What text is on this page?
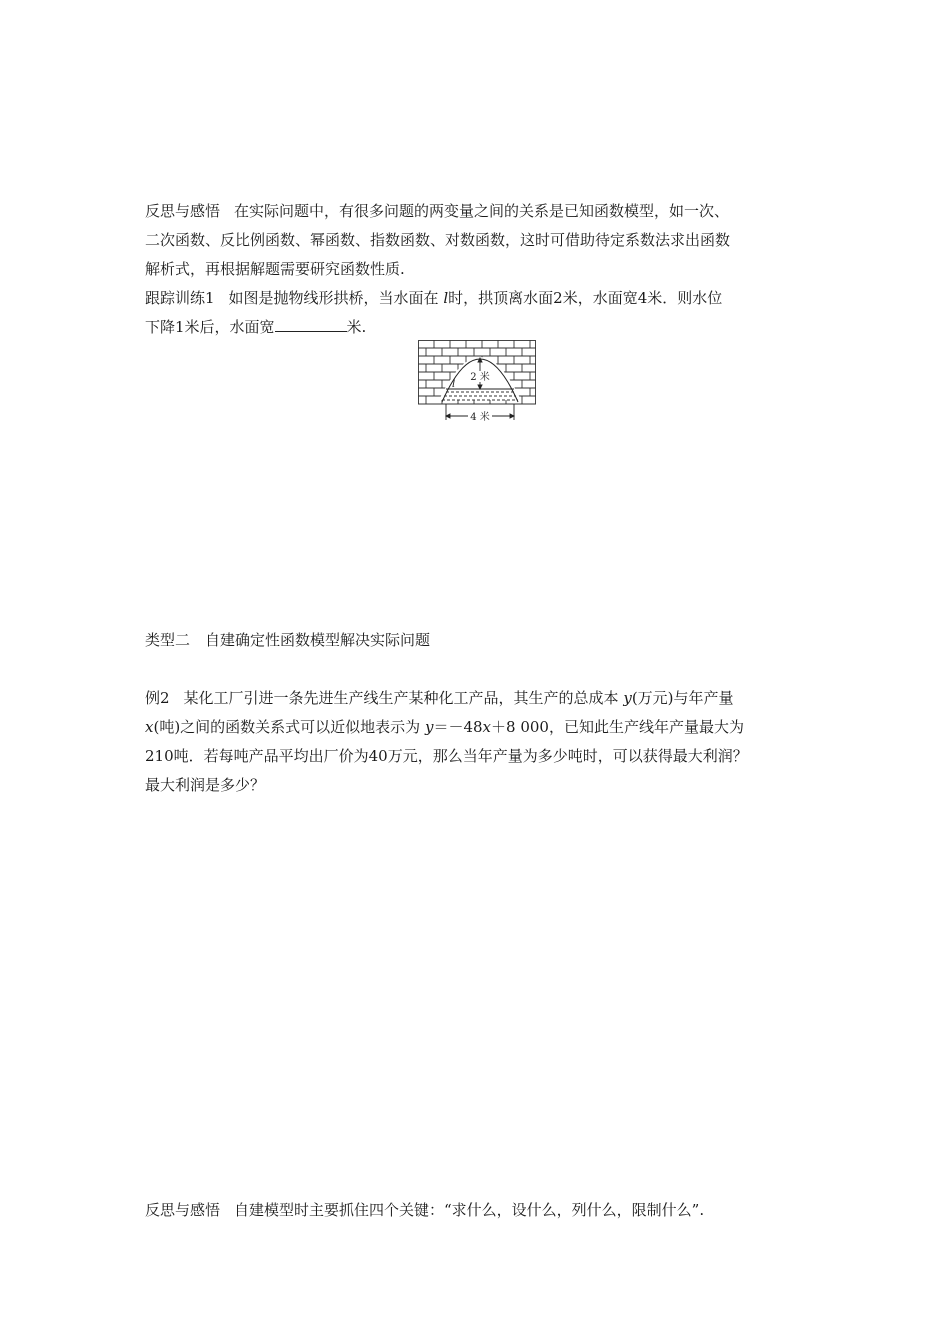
反思与感悟 在实际问题中，有很多问题的两变量之间的关系是已知函数模型，如一次、
二次函数、反比例函数、幂函数、指数函数、对数函数，这时可借助待定系数法求出函数
解析式，再根据解题需要研究函数性质.
跟踪训练1 如图是抛物线形拱桥，当水面在 l时，拱顶离水面2米，水面宽4米．则水位
下降1米后，水面宽	米.
2 米
l
4 米
类型二　自建确定性函数模型解决实际问题
例2 某化工厂引进一条先进生产线生产某种化工产品，其生产的总成本 y(万元)与年产量
x(吨)之间的函数关系式可以近似地表示为 y＝－48x＋8 000，已知此生产线年产量最大为
210吨．若每吨产品平均出厂价为40万元，那么当年产量为多少吨时，可以获得最大利润？
最大利润是多少？
反思与感悟 自建模型时主要抓住四个关键：“求什么，设什么，列什么，限制什么”.
